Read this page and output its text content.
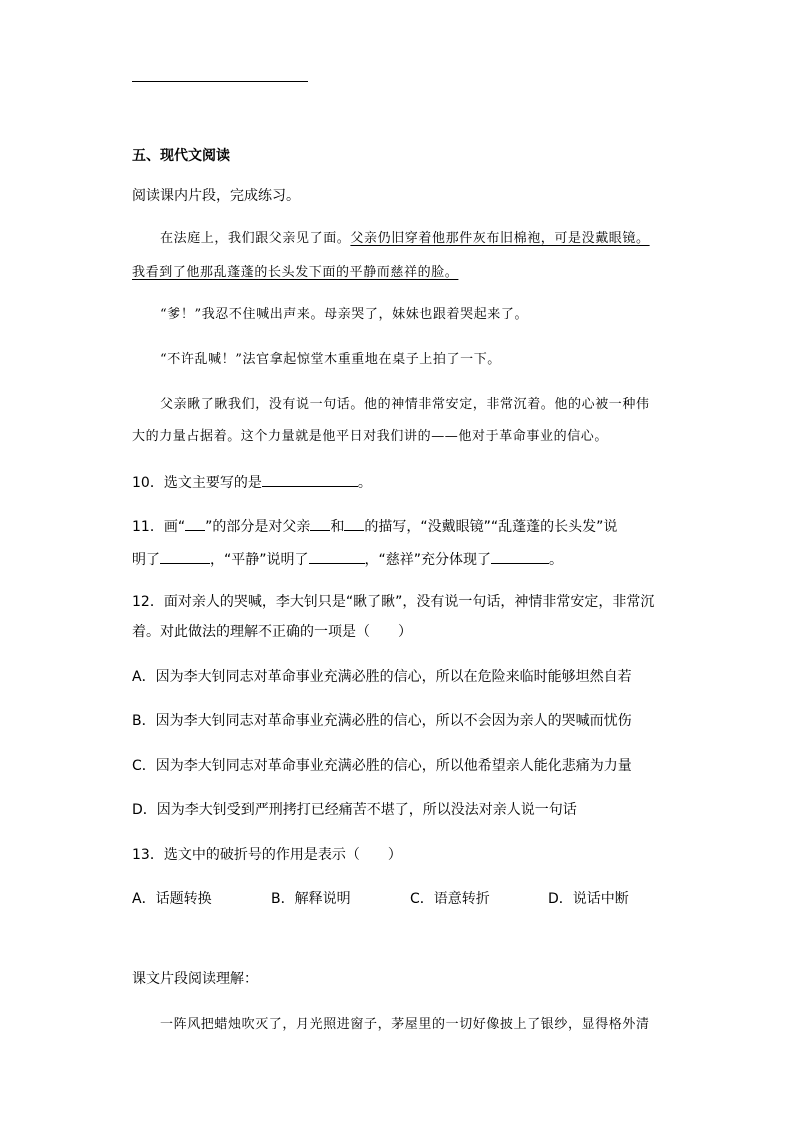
五、现代文阅读
阅读课内片段，完成练习。
在法庭上，我们跟父亲见了面。父亲仍旧穿着他那件灰布旧棉袍，可是没戴眼镜。
我看到了他那乱蓬蓬的长头发下面的平静而慈祥的脸。
“爹！”我忍不住喊出声来。母亲哭了，妹妹也跟着哭起来了。
“不许乱喊！”法官拿起惊堂木重重地在桌子上拍了一下。
父亲瞅了瞅我们，没有说一句话。他的神情非常安定，非常沉着。他的心被一种伟
大的力量占据着。这个力量就是他平日对我们讲的——他对于革命事业的信心。
10．选文主要写的是	。
11．画“ ”的部分是对父亲 和 的描写，“没戴眼镜”“乱蓬蓬的长头发”说
明了	，“平静”说明了	，“慈祥”充分体现了	。
12．面对亲人的哭喊，李大钊只是“瞅了瞅”，没有说一句话，神情非常安定，非常沉
着。对此做法的理解不正确的一项是（　　）
A．因为李大钊同志对革命事业充满必胜的信心，所以在危险来临时能够坦然自若
B．因为李大钊同志对革命事业充满必胜的信心，所以不会因为亲人的哭喊而忧伤
C．因为李大钊同志对革命事业充满必胜的信心，所以他希望亲人能化悲痛为力量
D．因为李大钊受到严刑拷打已经痛苦不堪了，所以没法对亲人说一句话
13．选文中的破折号的作用是表示（　　）
A．话题转换	B．解释说明	C．语意转折	D．说话中断
课文片段阅读理解：
一阵风把蜡烛吹灭了，月光照进窗子，茅屋里的一切好像披上了银纱，显得格外清
